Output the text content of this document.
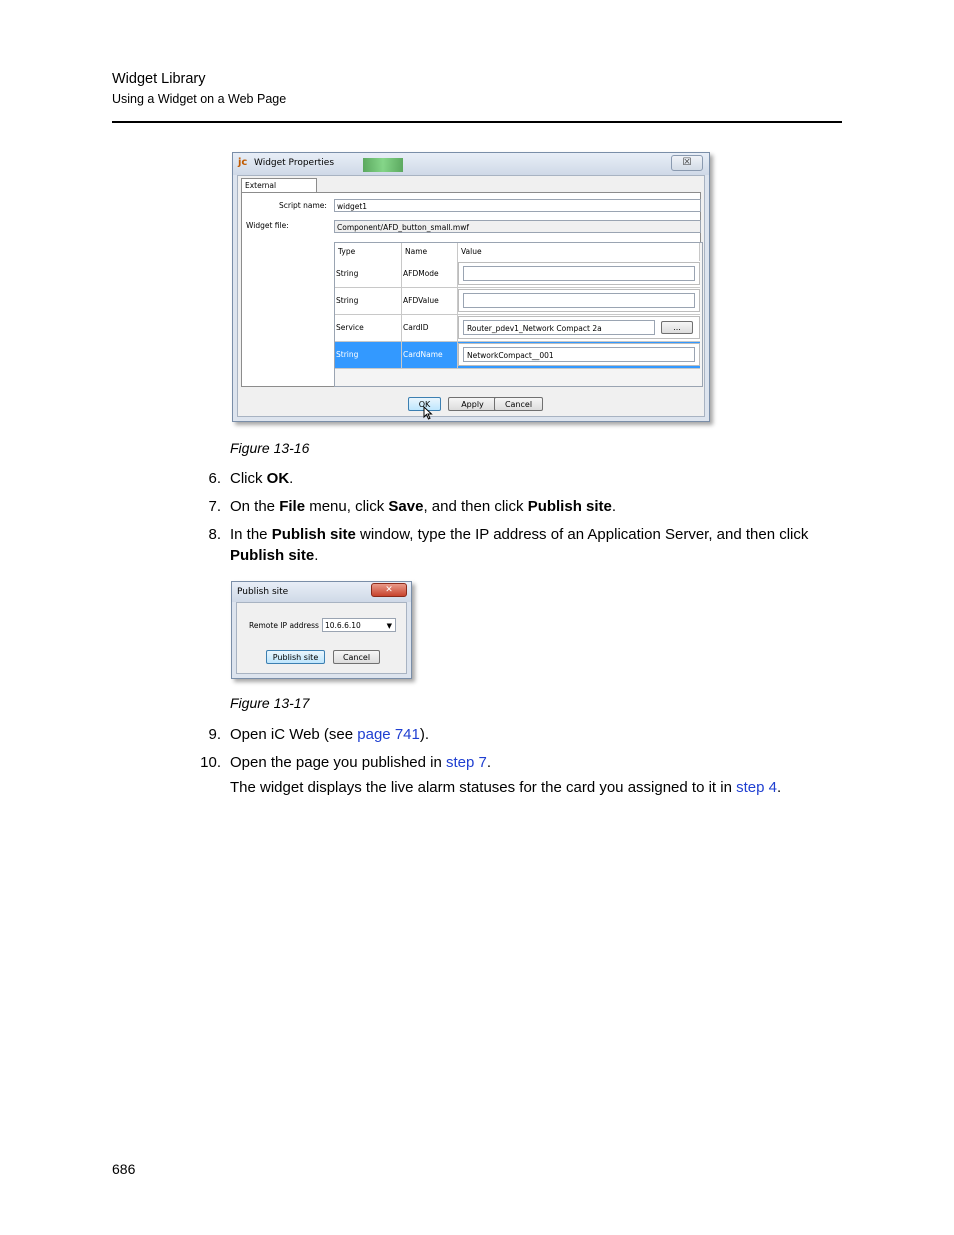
Widget Library
Using a Widget on a Web Page
jc Widget Properties	☒
External
Script name:	widget1
Widget file:	Component/AFD_button_small.mwf
Type	Name	Value
String	AFDMode
String	AFDValue
Service	CardID	Router_pdev1_Network Compact 2a	...
String	CardName	NetworkCompact__001
OK	Apply	Cancel
Figure 13-16
6. Click OK.
7. On the File menu, click Save, and then click Publish site.
8. In the Publish site window, type the IP address of an Application Server, and then click
Publish site.
Publish site	✕
Remote IP address 10.6.6.10	▼
Publish site	Cancel
Figure 13-17
9. Open iC Web (see page 741).
10. Open the page you published in step 7.
The widget displays the live alarm statuses for the card you assigned to it in step 4.
686
